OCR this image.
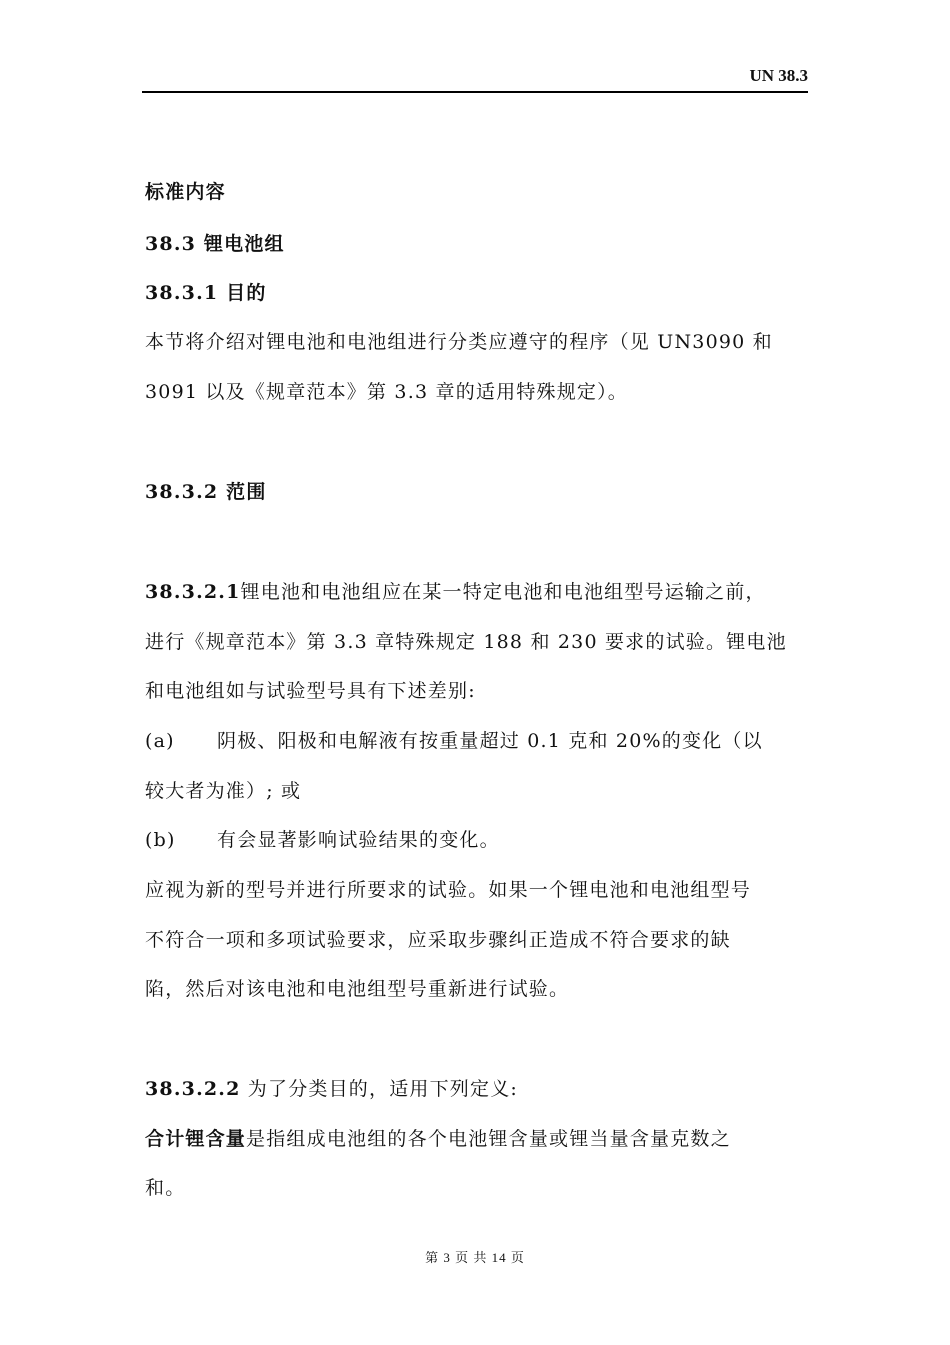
UN 38.3
标准内容
38.3 锂电池组
38.3.1 目的
本节将介绍对锂电池和电池组进行分类应遵守的程序（见 UN3090 和
3091 以及《规章范本》第 3.3 章的适用特殊规定）。
38.3.2 范围
38.3.2.1锂电池和电池组应在某一特定电池和电池组型号运输之前，
进行《规章范本》第 3.3 章特殊规定 188 和 230 要求的试验。锂电池
和电池组如与试验型号具有下述差别:
(a) 阴极、阳极和电解液有按重量超过 0.1 克和 20%的变化（以
较大者为准）; 或
(b) 有会显著影响试验结果的变化。
应视为新的型号并进行所要求的试验。如果一个锂电池和电池组型号
不符合一项和多项试验要求，应采取步骤纠正造成不符合要求的缺
陷，然后对该电池和电池组型号重新进行试验。
38.3.2.2 为了分类目的，适用下列定义:
合计锂含量是指组成电池组的各个电池锂含量或锂当量含量克数之
和。
第 3 页 共 14 页
